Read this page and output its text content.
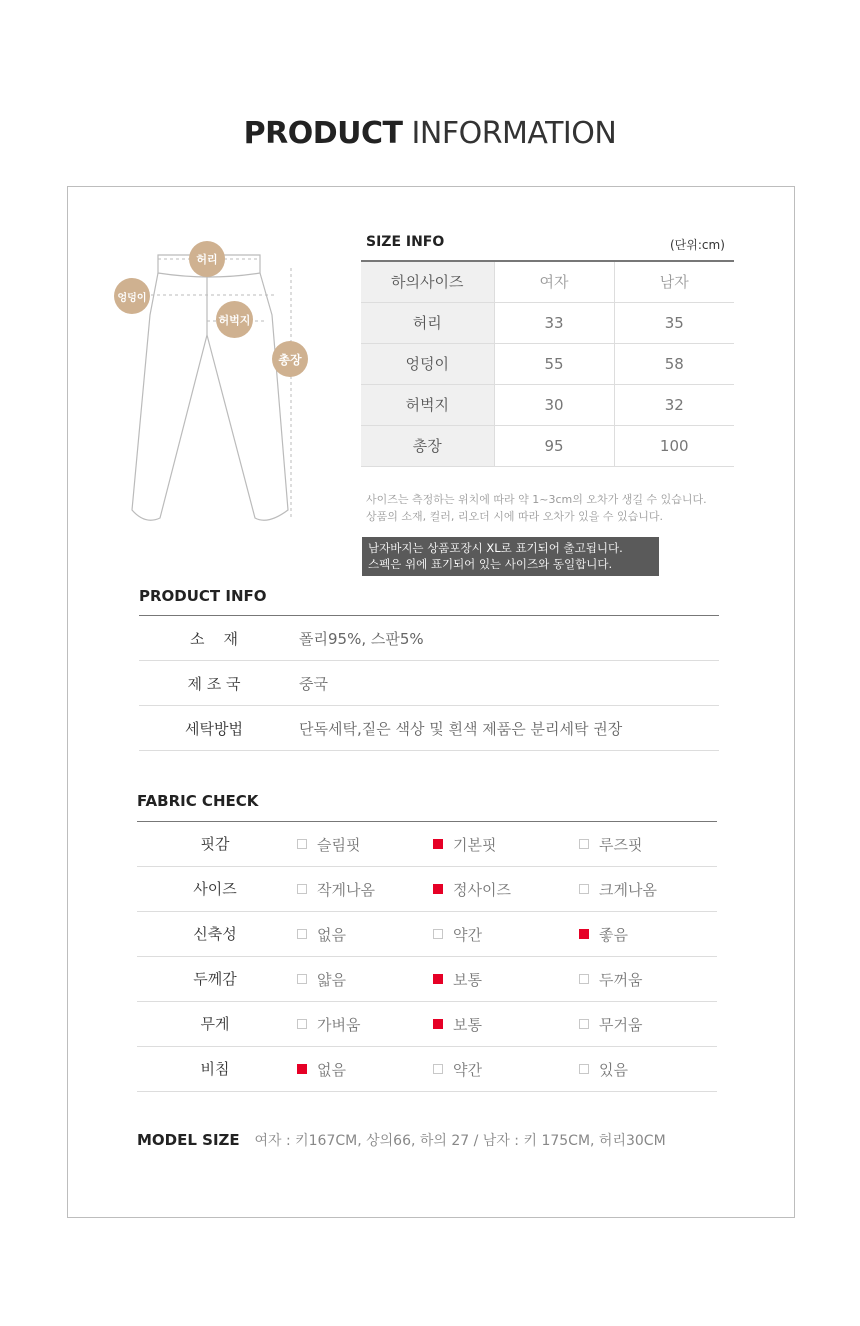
PRODUCT INFORMATION
허리
엉덩이
허벅지
총장
SIZE INFO	(단위:cm)
하의사이즈	여자	남자
허리	33	35
엉덩이	55	58
허벅지	30	32
총장	95	100
사이즈는 측정하는 위치에 따라 약 1~3cm의 오차가 생길 수 있습니다.
상품의 소재, 컬러, 리오더 시에 따라 오차가 있을 수 있습니다.
남자바지는 상품포장시 XL로 표기되어 출고됩니다.
스펙은 위에 표기되어 있는 사이즈와 동일합니다.
PRODUCT INFO
소    재	폴리95%, 스판5%
제 조 국	중국
세탁방법	단독세탁,짙은 색상 및 흰색 제품은 분리세탁 권장
FABRIC CHECK
핏감	슬림핏	기본핏	루즈핏
사이즈	작게나옴	정사이즈	크게나옴
신축성	없음	약간	좋음
두께감	얇음	보통	두꺼움
무게	가벼움	보통	무거움
비침	없음	약간	있음
MODEL SIZE 여자 : 키167CM, 상의66, 하의 27 / 남자 : 키 175CM, 허리30CM
